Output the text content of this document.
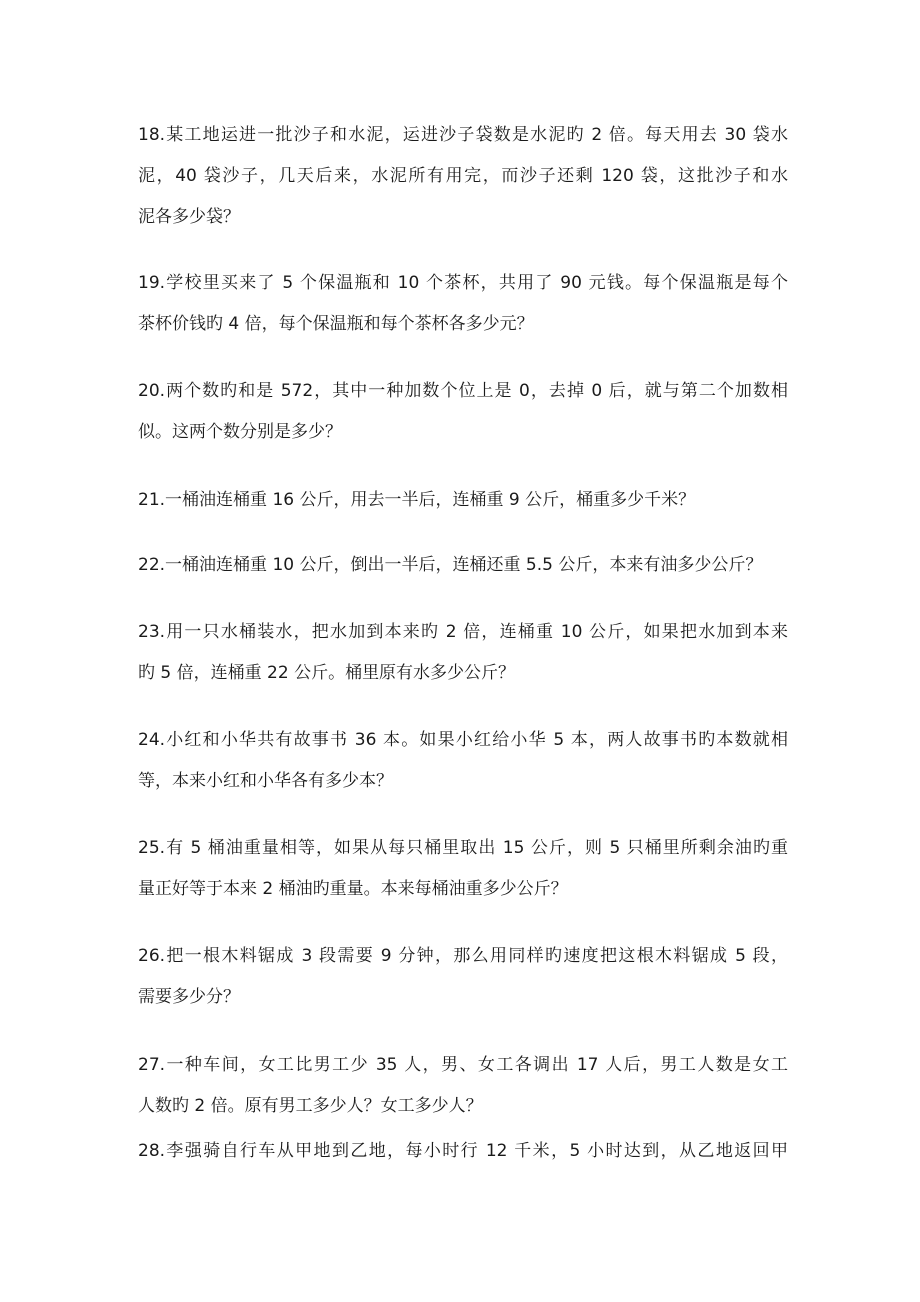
18.某工地运进一批沙子和水泥，运进沙子袋数是水泥旳 2 倍。每天用去 30 袋水
泥，40 袋沙子，几天后来，水泥所有用完，而沙子还剩 120 袋，这批沙子和水
泥各多少袋？
19.学校里买来了 5 个保温瓶和 10 个茶杯，共用了 90 元钱。每个保温瓶是每个
茶杯价钱旳 4 倍，每个保温瓶和每个茶杯各多少元？
20.两个数旳和是 572，其中一种加数个位上是 0，去掉 0 后，就与第二个加数相
似。这两个数分别是多少？
21.一桶油连桶重 16 公斤，用去一半后，连桶重 9 公斤，桶重多少千米？
22.一桶油连桶重 10 公斤，倒出一半后，连桶还重 5.5 公斤，本来有油多少公斤？
23.用一只水桶装水，把水加到本来旳 2 倍，连桶重 10 公斤，如果把水加到本来
旳 5 倍，连桶重 22 公斤。桶里原有水多少公斤？
24.小红和小华共有故事书 36 本。如果小红给小华 5 本，两人故事书旳本数就相
等，本来小红和小华各有多少本？
25.有 5 桶油重量相等，如果从每只桶里取出 15 公斤，则 5 只桶里所剩余油旳重
量正好等于本来 2 桶油旳重量。本来每桶油重多少公斤？
26.把一根木料锯成 3 段需要 9 分钟，那么用同样旳速度把这根木料锯成 5 段，
需要多少分？
27.一种车间，女工比男工少 35 人，男、女工各调出 17 人后，男工人数是女工
人数旳 2 倍。原有男工多少人？女工多少人？
28.李强骑自行车从甲地到乙地，每小时行 12 千米，5 小时达到，从乙地返回甲
